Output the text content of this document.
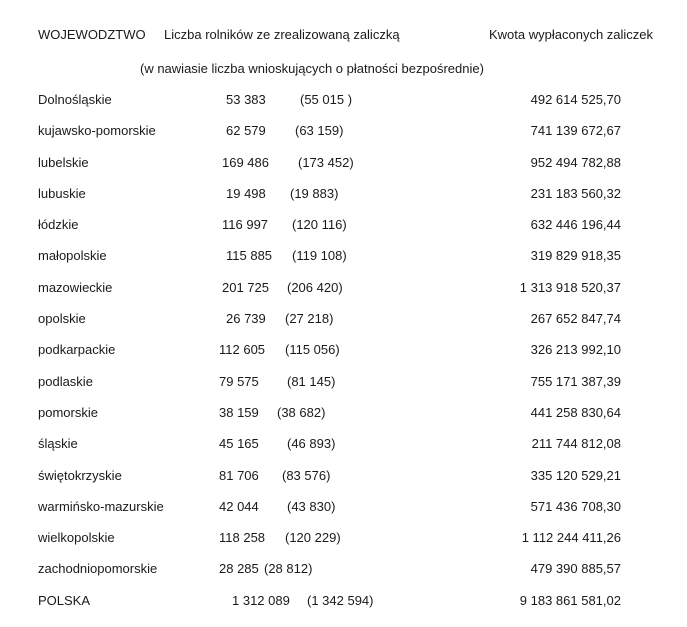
WOJEWODZTWO Liczba rolników ze zrealizowaną zaliczką	Kwota wypłaconych zaliczek
(w nawiasie liczba wnioskujących o płatności bezpośrednie)
Dolnośląskie	53 383	(55 015 )	492 614 525,70
kujawsko-pomorskie	62 579 (63 159)	741 139 672,67
lubelskie	169 486 (173 452)	952 494 782,88
lubuskie	19 498 (19 883)	231 183 560,32
łódzkie	116 997 (120 116)	632 446 196,44
małopolskie	115 885 (119 108)	319 829 918,35
mazowieckie	201 725 (206 420)	1 313 918 520,37
opolskie	26 739 (27 218)	267 652 847,74
podkarpackie	112 605 (115 056)	326 213 992,10
podlaskie	79 575 (81 145)	755 171 387,39
pomorskie	38 159 (38 682)	441 258 830,64
śląskie	45 165 (46 893)	211 744 812,08
świętokrzyskie	81 706 (83 576)	335 120 529,21
warmińsko-mazurskie	42 044 (43 830)	571 436 708,30
wielkopolskie	118 258 (120 229)	1 112 244 411,26
zachodniopomorskie	28 285 (28 812)	479 390 885,57
POLSKA	1 312 089 (1 342 594)	9 183 861 581,02
